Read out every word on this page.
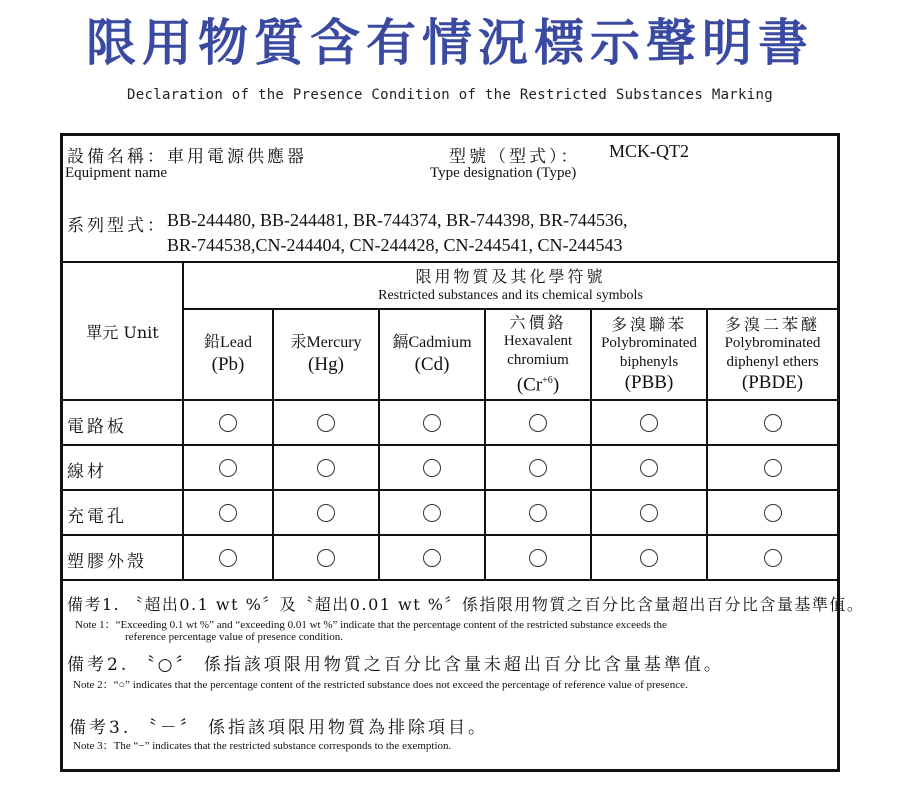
限用物質含有情況標示聲明書
Declaration of the Presence Condition of the Restricted Substances Marking
設備名稱：車用電源供應器
Equipment name
型號（型式）： MCK-QT2
Type designation (Type)
系列型式： BB-244480, BB-244481, BR-744374, BR-744398, BR-744536,
BR-744538,CN-244404, CN-244428, CN-244541, CN-244543
單元 Unit
限用物質及其化學符號
Restricted substances and its chemical symbols
鉛Lead
(Pb)
汞Mercury
(Hg)
鎘Cadmium
(Cd)
六價鉻
Hexavalent
chromium
$(Cr^{+6})$
多溴聯苯
Polybrominated
biphenyls
(PBB)
多溴二苯醚
Polybrominated
diphenyl ethers
(PBDE)
電路板
線材
充電孔
塑膠外殼
備考1. 〝超出0.1 wt %〞及〝超出0.01 wt %〞係指限用物質之百分比含量超出百分比含量基準值。
Note 1：“Exceeding 0.1 wt %” and “exceeding 0.01 wt %” indicate that the percentage content of the restricted substance exceeds the
reference percentage value of presence condition.
備考2. 〝○〞 係指該項限用物質之百分比含量未超出百分比含量基準值。
Note 2：“○” indicates that the percentage content of the restricted substance does not exceed the percentage of reference value of presence.
備考3. 〝－〞 係指該項限用物質為排除項目。
Note 3：The “−” indicates that the restricted substance corresponds to the exemption.
